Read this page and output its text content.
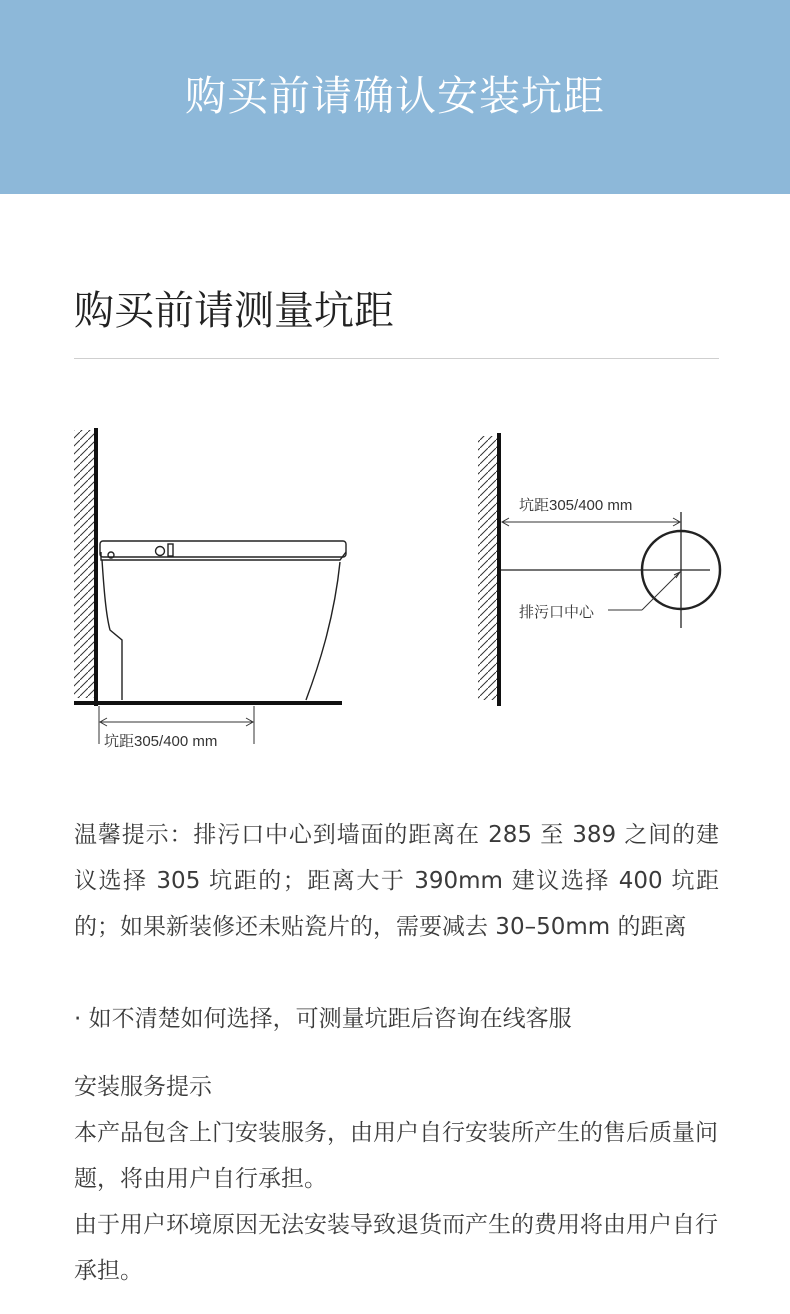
购买前请确认安装坑距
购买前请测量坑距
坑距305/400 mm
坑距305/400 mm
排污口中心
温馨提示：排污口中心到墙面的距离在 285 至 389 之间的建议选择 305 坑距的；距离大于 390mm 建议选择 400 坑距的；如果新装修还未贴瓷片的，需要减去 30–50mm 的距离
· 如不清楚如何选择，可测量坑距后咨询在线客服
安装服务提示
本产品包含上门安装服务，由用户自行安装所产生的售后质量问题，将由用户自行承担。
由于用户环境原因无法安装导致退货而产生的费用将由用户自行承担。
